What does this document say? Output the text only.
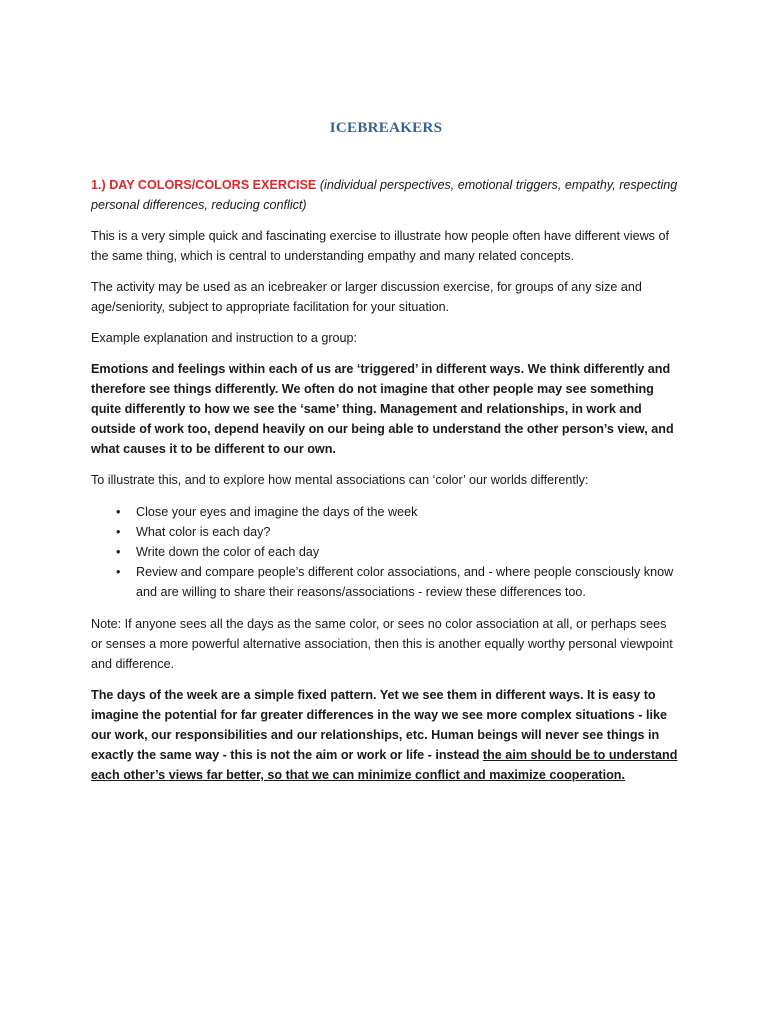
ICEBREAKERS

1.) DAY COLORS/COLORS EXERCISE (individual perspectives, emotional triggers, empathy, respecting personal differences, reducing conflict)

This is a very simple quick and fascinating exercise to illustrate how people often have different views of the same thing, which is central to understanding empathy and many related concepts.

The activity may be used as an icebreaker or larger discussion exercise, for groups of any size and age/seniority, subject to appropriate facilitation for your situation.

Example explanation and instruction to a group:

Emotions and feelings within each of us are ‘triggered’ in different ways. We think differently and therefore see things differently. We often do not imagine that other people may see something quite differently to how we see the ‘same’ thing. Management and relationships, in work and outside of work too, depend heavily on our being able to understand the other person’s view, and what causes it to be different to our own.

To illustrate this, and to explore how mental associations can ‘color’ our worlds differently:

• Close your eyes and imagine the days of the week
• What color is each day?
• Write down the color of each day
• Review and compare people’s different color associations, and - where people consciously know and are willing to share their reasons/associations - review these differences too.

Note: If anyone sees all the days as the same color, or sees no color association at all, or perhaps sees or senses a more powerful alternative association, then this is another equally worthy personal viewpoint and difference.

The days of the week are a simple fixed pattern. Yet we see them in different ways. It is easy to imagine the potential for far greater differences in the way we see more complex situations - like our work, our responsibilities and our relationships, etc. Human beings will never see things in exactly the same way - this is not the aim or work or life - instead the aim should be to understand each other’s views far better, so that we can minimize conflict and maximize cooperation.
